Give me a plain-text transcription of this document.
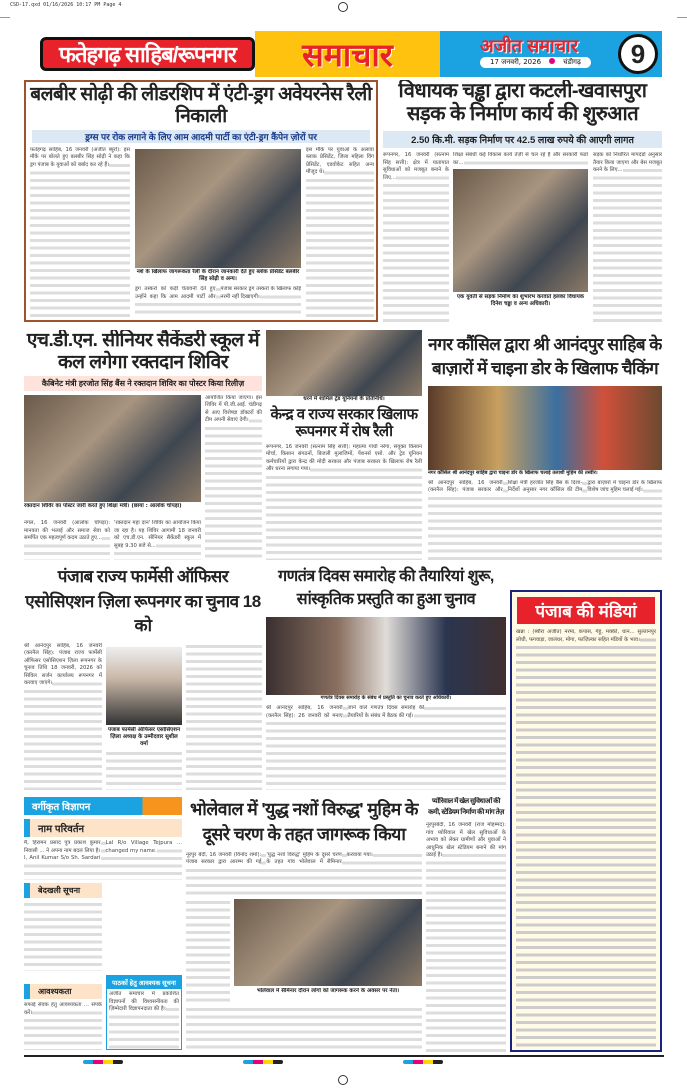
CSD-17.qxd 01/16/2026 10:17 PM Page 4
फतेहगढ़ साहिब/रूपनगर	समाचार	अजीत समाचार
17 जनवरी, 2026	चंडीगढ़	9
बलबीर सोढ़ी की लीडरशिप में एंटी-ड्रग अवेयरनेस रैली निकाली
ड्रग्स पर रोक लगाने के लिए आम आदमी पार्टी का एंटी-ड्रग कैंपेन ज़ोरों पर
फतेहगढ़ साहिब, 16 जनवरी (अजीत ब्यूरो): इस मौके पर बोलते हुए बलबीर सिंह सोढ़ी ने कहा कि ड्रग पंजाब के युवाओं को बर्बाद कर रहे हैं।
नशे के खिलाफ जागरूकता रैली के दौरान जानकारी देते हुए ब्लॉक प्रेसिडेंट बलबीर सिंह सोढ़ी व अन्य।
इस मौके पर युवाओं के अलावा ब्लाक प्रेसिडेंट, जिला महिला विंग प्रेसिडेंट, एडवोकेट सहित अन्य मौजूद थे।
ड्रग तस्करों को कड़ी चेतावनी देते हुए उन्होंने कहा कि आम आदमी पार्टी और पंजाब सरकार ड्रग तस्करों के खिलाफ कोई नरमी नहीं दिखाएगी।
विधायक चड्ढा द्वारा कटली-खवासपुरा सड़क के निर्माण कार्य की शुरुआत
2.50 कि.मी. सड़क निर्माण पर 42.5 लाख रुपये की आएगी लागत
रूपनगर, 16 जनवरी (सत्नाम सिंह सत्ती): क्षेत्र में यातायात सुविधाओं को मजबूत बनाने के लिए...
शिक्षा संबंधी कई विकास कार्य तेज़ी से चल रहे हैं और सरकारी फंडों का...
एक युवती से सड़क निर्माण का शुभारंभ करवाते हलका विधायक दिनेश चड्ढा व अन्य अधिकारी।
सड़क को निर्धारित मापदंडों अनुसार तैयार किया जाएगा और बेस मजबूत करने के लिए...
एच.डी.एन. सीनियर सैकेंडरी स्कूल में कल लगेगा रक्तदान शिविर
कैबिनेट मंत्री हरजोत सिंह बैंस ने रक्तदान शिविर का पोस्टर किया रिलीज़
रक्तदान शिविर का पोस्टर जारी करते हुए शिक्षा मंत्री। (छाया : आलोक चोपड़ा)
आयोजित किया जाएगा। इस शिविर में पी.जी.आई. चंडीगढ़ से आए विशेषज्ञ डॉक्टरों की टीम अपनी सेवाएं देगी।
नंगल, 16 जनवरी (आलोक चोपड़ा): मानवता की भलाई और समाज सेवा को समर्पित एक महत्वपूर्ण कदम उठाते हुए...
'रक्तदान महा दान' शिविर का आयोजन किया जा रहा है। यह शिविर आगामी 18 जनवरी को एच.डी.एन. सीनियर सैकेंडरी स्कूल में सुबह 9.30 बजे से...
धरने में शामिल ट्रेड यूनियनों के प्रतिनिधि।
केन्द्र व राज्य सरकार खिलाफ रूपनगर में रोष रैली
रूपनगर, 16 जनवरी (सत्नाम सिंह सत्ती): महात्मा गांधी नरेगा, संयुक्त किसान मोर्चा, किसान संगठनों, बिजली मुलाजिमों, पेंशनर्स एसो. और ट्रेड यूनियन कर्मचारियों द्वारा केन्द्र की मोदी सरकार और पंजाब सरकार के खिलाफ रोष रैली और धरना लगाया गया।
नगर कौंसिल द्वारा श्री आनंदपुर साहिब के बाज़ारों में चाइना डोर के खिलाफ चैकिंग
नगर कौंसिल श्री आनंदपुर साहिब द्वारा चाइना डोर के खिलाफ चलाई तलाशी मुहिम की तस्वीर।
श्री आनंदपुर साहिब, 16 जनवरी (करनैल सिंह): पंजाब सरकार और शिक्षा मंत्री हरजोत सिंह बैंस के दिशा-निर्देशों अनुसार नगर कौंसिल की टीम द्वारा बाज़ारों में चाइना डोर के खिलाफ विशेष जांच मुहिम चलाई गई।
पंजाब राज्य फार्मेसी ऑफिसर एसोसिएशन ज़िला रूपनगर का चुनाव 18 को
श्री आनंदपुर साहिब, 16 जनवरी (करनैल सिंह): पंजाब राज्य फार्मेसी ऑफिसर एसोसिएशन ज़िला रूपनगर के चुनाव तिथि 18 जनवरी, 2026 को सिविल सर्जन कार्यालय रूपनगर में करवाए जाएंगे।
पंजाब फार्मेसी ऑफिसर एसोसिएशन ज़िला अध्यक्ष के उम्मीदवार सुशील वर्मा
गणतंत्र दिवस समारोह की तैयारियां शुरू, सांस्कृतिक प्रस्तुति का हुआ चुनाव
गणतंत्र दिवस समारोह के संबंध में प्रस्तुति का चुनाव करते हुए अधिकारी।
श्री आनंदपुर साहिब, 16 जनवरी (करनैल सिंह): 26 जनवरी को मनाए जाने वाले गणतंत्र दिवस समारोह की तैयारियों के संबंध में बैठक की गई।
पंजाब की मंडियां
खन्ना : (ब्यौरा अजीत) नरमा, कपास, गेहूं, मक्की, धान... सुल्तानपुर लोधी, फगवाड़ा, जालंधर, मोगा, फाज़िल्का सहित मंडियों के भाव।
वर्गीकृत विज्ञापन
नाम परिवर्तन
मैं, हिरामन प्रसाद पुत्र प्रकाश कुमार निवासी ... ने अपना नाम बदल लिया है। I, Anil Kumar S/o Sh. Sardari Lal R/o Village Tejpura ... changed my name.
बेदखली सूचना
आवश्यकता
सफाई सेवक हेतु आवश्यकता ... संपर्क करें।
पाठकों हेतु आवश्यक सूचना
अजीत समाचार में प्रकाशित विज्ञापनों की विश्वसनीयता की ज़िम्मेदारी विज्ञापनदाता की है।
भोलेवाल में 'युद्ध नशों विरुद्ध' मुहिम के दूसरे चरण के तहत जागरूक किया
नूरपुर बेदी, 16 जनवरी (विनोद शर्मा): पंजाब सरकार द्वारा आरम्भ की गई 'युद्ध नशों विरुद्ध' मुहिम के दूसरे चरण के तहत गांव भोलेवाल में सैमिनार करवाया गया।
भोलेवाल में सैमिनार दौरान लोगों को जागरूक करने के अवसर पर नेता।
प्योरिवाल में खेल सुविधाओं की कमी, स्टेडियम निर्माण की मांग तेज़
नूरपुरबेदी, 16 जनवरी (राज मोहम्मद): गांव प्योरिवाल में खेल सुविधाओं के अभाव को लेकर ग्रामीणों और युवाओं ने आधुनिक खेल स्टेडियम बनाने की मांग उठाई है।
